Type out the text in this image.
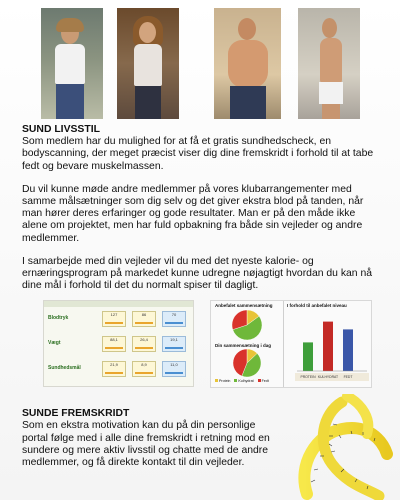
SUND LIVSSTIL
Som medlem har du mulighed for at få et gratis sundhedscheck, en bodyscanning, der meget præcist viser dig dine fremskridt i forhold til at tabe fedt og bevare muskelmassen.
Du vil kunne møde andre medlemmer på vores klubarrangementer med samme målsætninger som dig selv og det giver ekstra blod på tanden, når man hører deres erfaringer og gode resultater. Man er på den måde ikke alene om projektet, men har fuld opbakning fra både sin vejleder og andre medlemmer.
I samarbejde med din vejleder vil du med det nyeste kalorie- og ernæringsprogram på markedet kunne udregne nøjagtigt hvordan du kan nå dine mål i forhold til det du normalt spiser til dagligt.
Blodtryk
127	86	70
Vægt
88,1	26,4	19,1
Sundhedsmål
21,9	8,9	11,0
Anbefalet sammensætning	I forhold til anbefalet niveau
Din sammensætning i dag
PROTEIN KULHYDRAT FEDT
Protein Kulhydrat Fedt
SUNDE FREMSKRIDT
Som en ekstra motivation kan du på din personlige portal følge med i alle dine fremskridt i retning mod en sundere og mere aktiv livsstil og chatte med de andre medlemmer, og få direkte kontakt til din vejleder.
